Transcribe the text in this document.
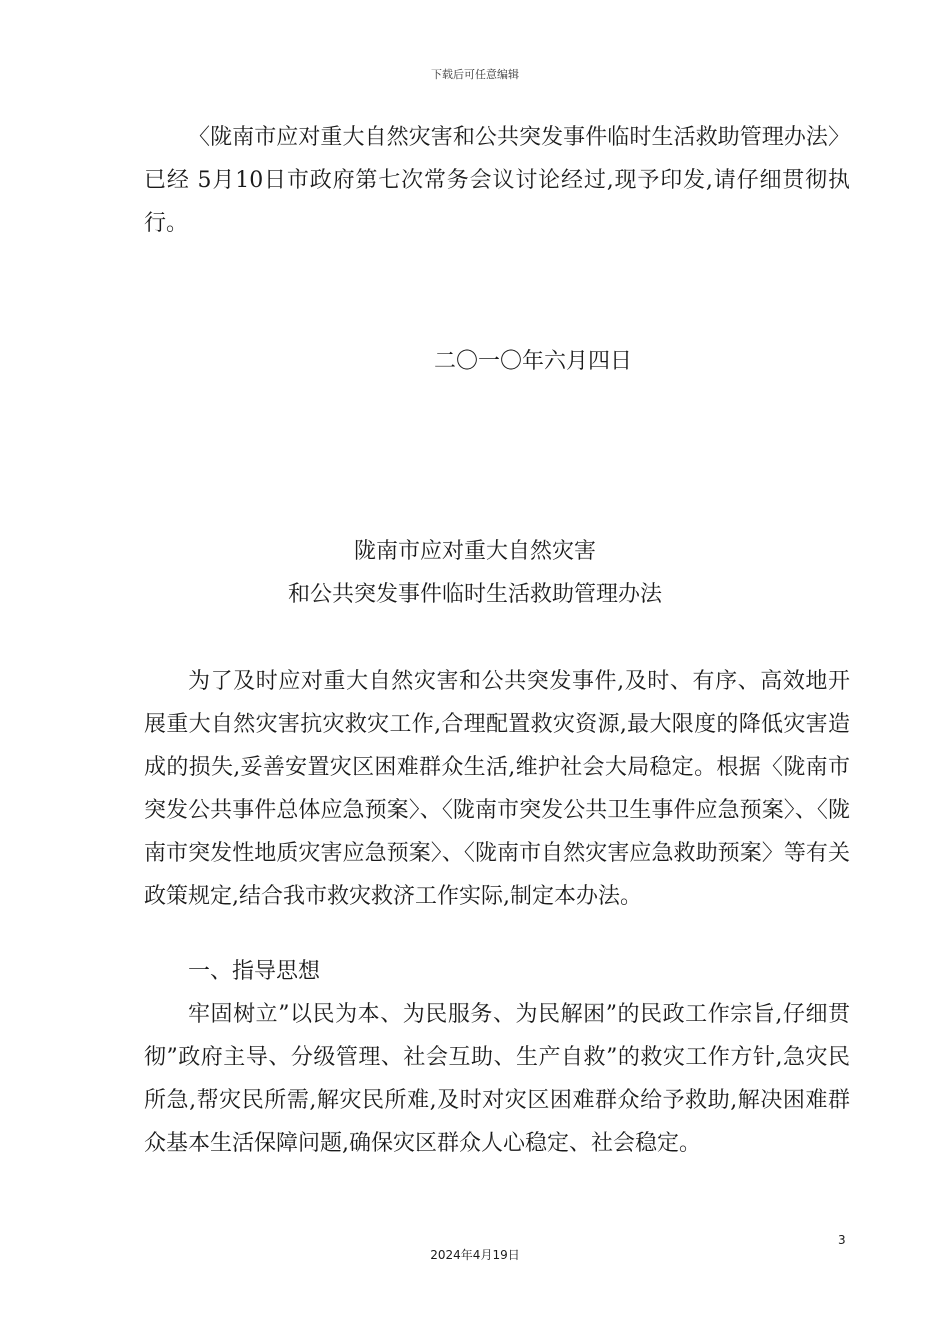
下载后可任意编辑

〈陇南市应对重大自然灾害和公共突发事件临时生活救助管理办法〉已经 5月10日市政府第七次常务会议讨论经过,现予印发,请仔细贯彻执行。

二〇一〇年六月四日
陇南市应对重大自然灾害
和公共突发事件临时生活救助管理办法

为了及时应对重大自然灾害和公共突发事件,及时、有序、高效地开展重大自然灾害抗灾救灾工作,合理配置救灾资源,最大限度的降低灾害造成的损失,妥善安置灾区困难群众生活,维护社会大局稳定。根据〈陇南市突发公共事件总体应急预案〉、〈陇南市突发公共卫生事件应急预案〉、〈陇南市突发性地质灾害应急预案〉、〈陇南市自然灾害应急救助预案〉等有关政策规定,结合我市救灾救济工作实际,制定本办法。

一、指导思想

牢固树立”以民为本、为民服务、为民解困”的民政工作宗旨,仔细贯彻”政府主导、分级管理、社会互助、生产自救”的救灾工作方针,急灾民所急,帮灾民所需,解灾民所难,及时对灾区困难群众给予救助,解决困难群众基本生活保障问题,确保灾区群众人心稳定、社会稳定。

3
2024年4月19日
